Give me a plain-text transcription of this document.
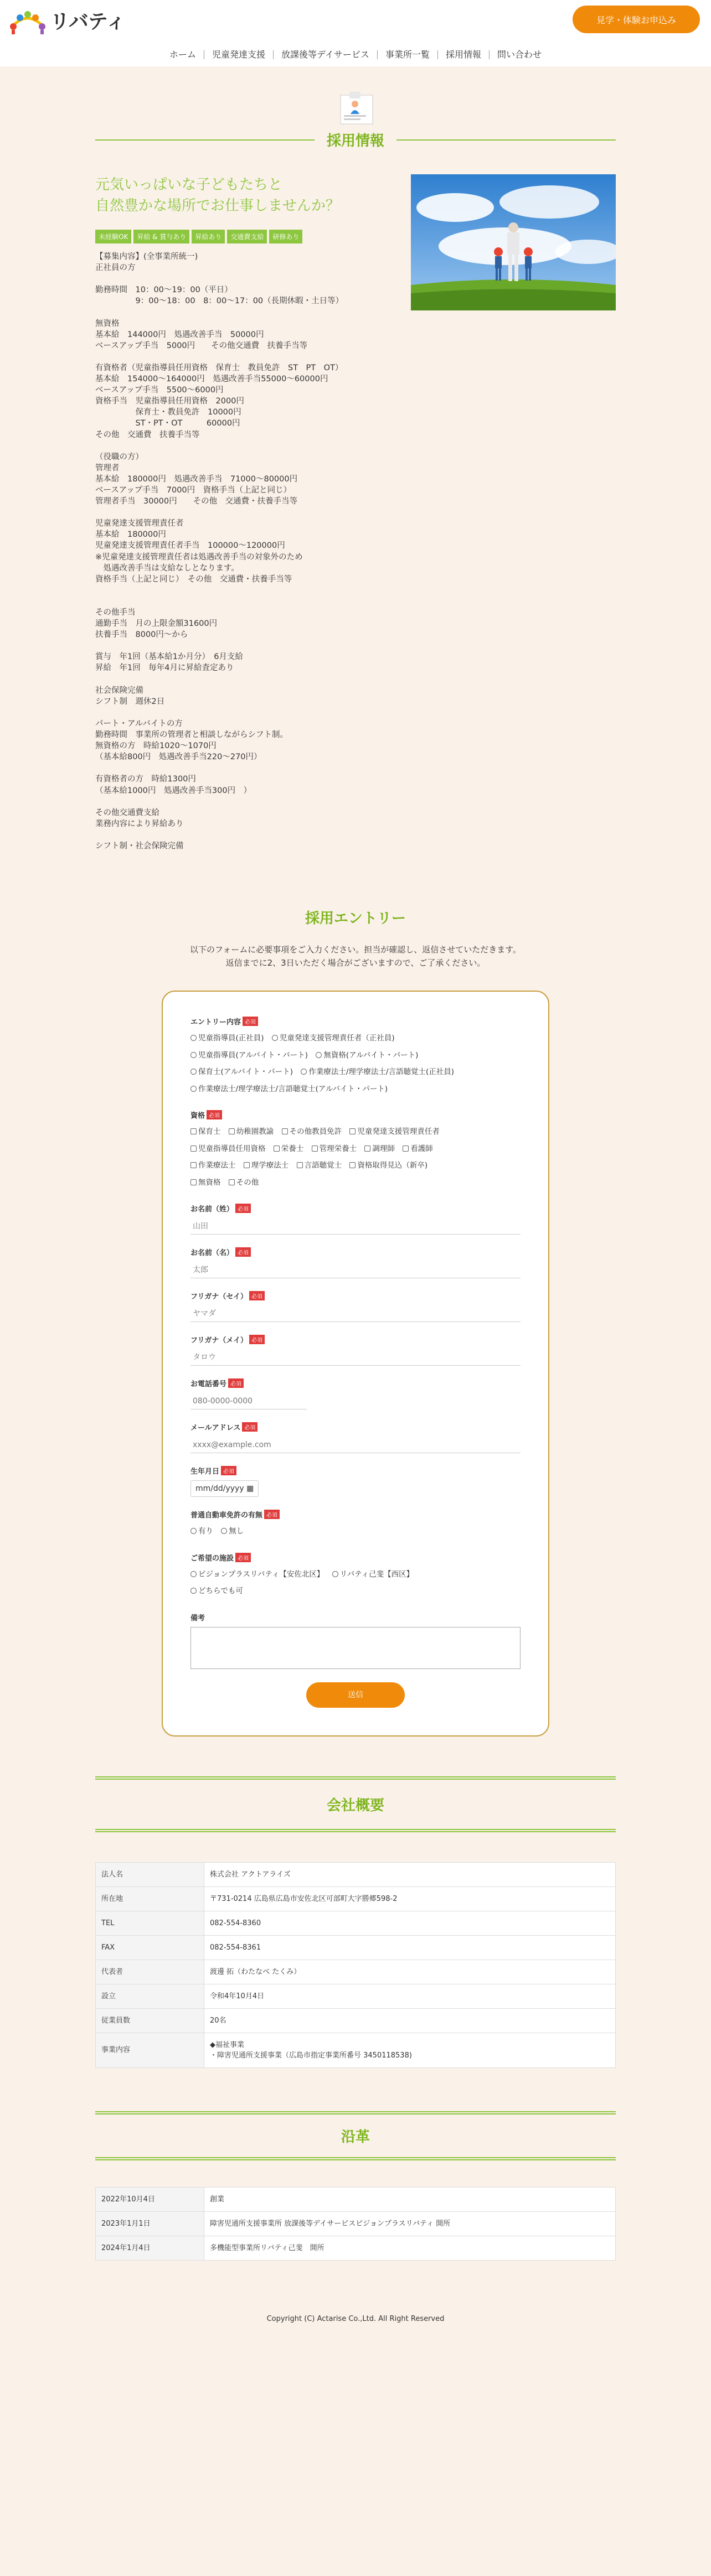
リバティ	見学・体験お申込み
ホーム	児童発達支援	放課後等デイサービス	事業所一覧	採用情報	問い合わせ
採用情報
元気いっぱいな子どもたちと
自然豊かな場所でお仕事しませんか？
未経験OK	昇給 & 賞与あり	昇給あり	交通費支給	研修あり
【募集内容】(全事業所統一)
正社員の方

勤務時間　10：00〜19：00（平日）
　　　　　9：00〜18：00　8：00〜17：00（長期休暇・土日等）

無資格
基本給　144000円　処遇改善手当　50000円
ベースアップ手当　5000円　　その他交通費　扶養手当等

有資格者（児童指導員任用資格　保育士　教員免許　ST　PT　OT）
基本給　154000〜164000円　処遇改善手当55000〜60000円
ベースアップ手当　5500〜6000円
資格手当　児童指導員任用資格　2000円
　　　　　保育士・教員免許　10000円
　　　　　ST・PT・OT　　　60000円
その他　交通費　扶養手当等

（役職の方）
管理者
基本給　180000円　処遇改善手当　71000〜80000円
ベースアップ手当　7000円　資格手当（上記と同じ）
管理者手当　30000円　　その他　交通費・扶養手当等

児童発達支援管理責任者
基本給　180000円
児童発達支援管理責任者手当　100000〜120000円
※児童発達支援管理責任者は処遇改善手当の対象外のため
　処遇改善手当は支給なしとなります。
資格手当（上記と同じ）　その他　交通費・扶養手当等

その他手当
通勤手当　月の上限金額31600円
扶養手当　8000円〜から

賞与　年1回（基本給1か月分）　6月支給
昇給　年1回　毎年4月に昇給査定あり

社会保険完備
シフト制　週休2日

パート・アルバイトの方
勤務時間　事業所の管理者と相談しながらシフト制。
無資格の方　時給1020〜1070円
（基本給800円　処遇改善手当220〜270円）

有資格者の方　時給1300円
（基本給1000円　処遇改善手当300円　）

その他交通費支給
業務内容により昇給あり

シフト制・社会保険完備
採用エントリー
以下のフォームに必要事項をご入力ください。担当が確認し、返信させていただきます。
返信までに2、3日いただく場合がございますので、ご了承ください。
エントリー内容 必須
児童指導員(正社員) 児童発達支援管理責任者（正社員)
児童指導員(アルバイト・パート) 無資格(アルバイト・パート)
保育士(アルバイト・パート) 作業療法士/理学療法士/言語聴覚士(正社員)
作業療法士/理学療法士/言語聴覚士(アルバイト・パート)
資格 必須
保育士 幼稚園教諭 その他教員免許 児童発達支援管理責任者
児童指導員任用資格 栄養士 管理栄養士 調理師 看護師
作業療法士 理学療法士 言語聴覚士 資格取得見込（新卒)
無資格 その他
お名前（姓） 必須
山田
お名前（名） 必須
太郎
フリガナ（セイ） 必須
ヤマダ
フリガナ（メイ） 必須
タロウ
お電話番号 必須
080-0000-0000
メールアドレス 必須
xxxx@example.com
生年月日 必須
mm/dd/yyyy ▦
普通自動車免許の有無 必須
有り 無し
ご希望の施設 必須
ビジョンプラスリバティ【安佐北区】 リバティ己斐【西区】
どちらでも可
備考
送信
会社概要
法人名	株式会社 アクトアライズ
所在地	〒731-0214 広島県広島市安佐北区可部町大字勝郷598-2
TEL	082-554-8360
FAX	082-554-8361
代表者	渡邊 拓（わたなべ たくみ）
設立	令和4年10月4日
従業員数	20名
事業内容	◆福祉事業
・障害児通所支援事業（広島市指定事業所番号 3450118538)
沿革
2022年10月4日	創業
2023年1月1日	障害児通所支援事業所 放課後等デイサービスビジョンプラスリバティ 開所
2024年1月4日	多機能型事業所リバティ己斐　開所
Copyright (C) Actarise Co.,Ltd. All Right Reserved
